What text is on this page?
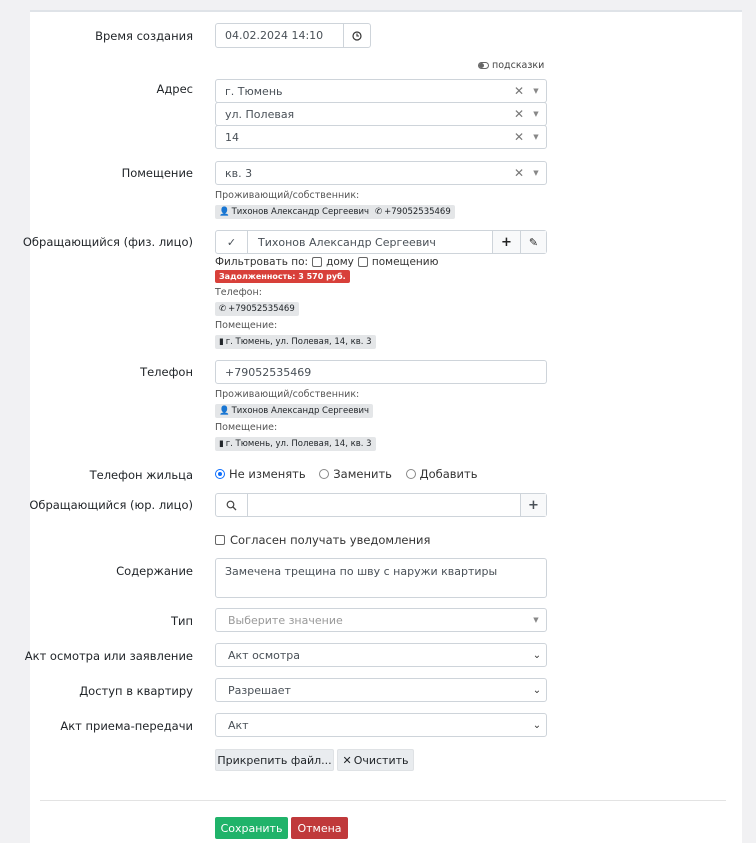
Время создания	04.02.2024 14:10
подсказки
Адрес	г. Тюмень	✕	▼
ул. Полевая	✕	▼
14	✕	▼
Помещение	кв. 3	✕	▼
Проживающий/собственник:
👤 Тихонов Александр Сергеевич ✆ +79052535469
Обращающийся (физ. лицо)	✓	Тихонов Александр Сергеевич	+	✎
Фильтровать по: дому помещению
Задолженность: 3 570 руб.
Телефон:
✆ +79052535469
Помещение:
▮ г. Тюмень, ул. Полевая, 14, кв. 3
Телефон	+79052535469
Проживающий/собственник:
👤 Тихонов Александр Сергеевич
Помещение:
▮ г. Тюмень, ул. Полевая, 14, кв. 3
Телефон жильца	Не изменять
Заменить
Добавить
Обращающийся (юр. лицо)	+
Согласен получать уведомления
Содержание	Замечена трещина по шву с наружи квартиры
Тип	Выберите значение	▼
Акт осмотра или заявление	Акт осмотра	⌄
Доступ в квартиру	Разрешает	⌄
Акт приема-передачи	Акт	⌄
Прикрепить файл... ✕ Очистить
Сохранить	Отмена
